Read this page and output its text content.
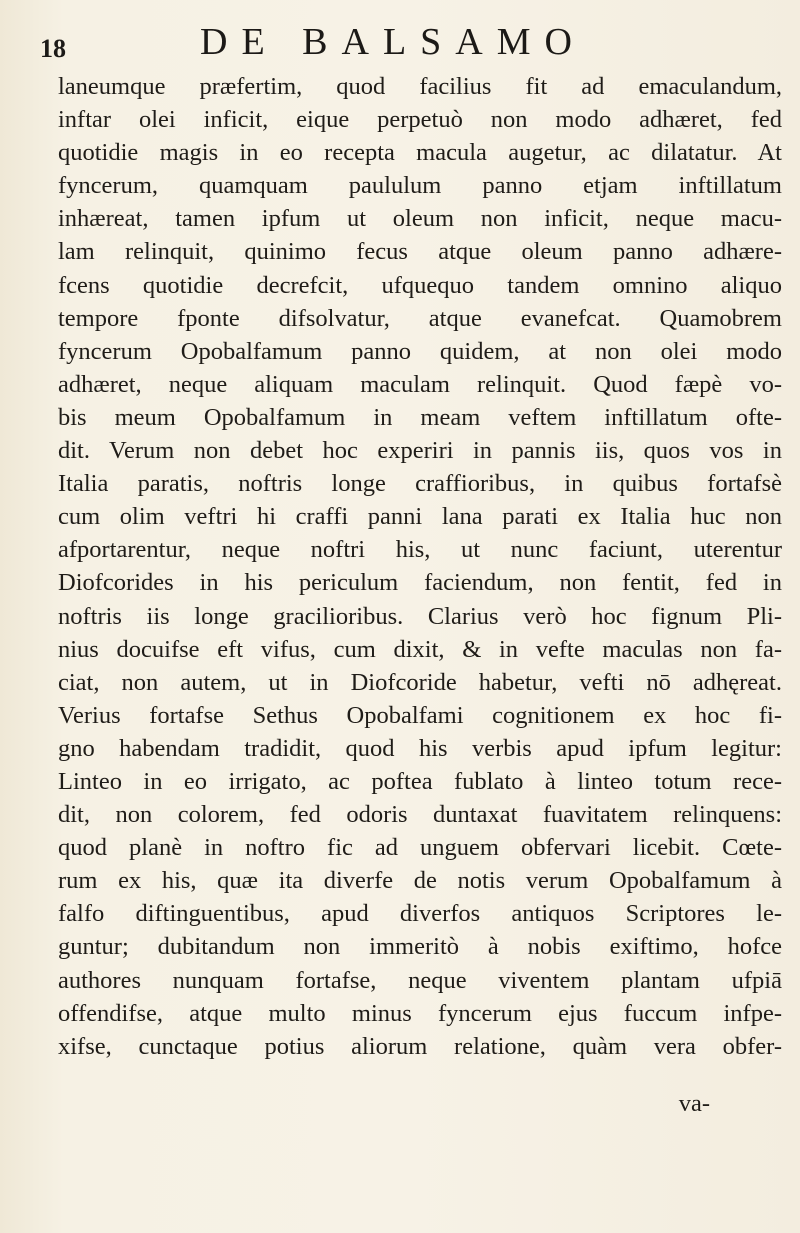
18	DE BALSAMO
laneumque præfertim, quod facilius fit ad emaculandum,
inftar olei inficit, eique perpetuò non modo adhæret, fed
quotidie magis in eo recepta macula augetur, ac dilatatur. At
fyncerum, quamquam paululum panno etjam inftillatum
inhæreat, tamen ipfum ut oleum non inficit, neque macu-
lam relinquit, quinimo fecus atque oleum panno adhære-
fcens quotidie decrefcit, ufquequo tandem omnino aliquo
tempore fponte difsolvatur, atque evanefcat. Quamobrem
fyncerum Opobalfamum panno quidem, at non olei modo
adhæret, neque aliquam maculam relinquit. Quod fæpè vo-
bis meum Opobalfamum in meam veftem inftillatum ofte-
dit. Verum non debet hoc experiri in pannis iis, quos vos in
Italia paratis, noftris longe craffioribus, in quibus fortafsè
cum olim veftri hi craffi panni lana parati ex Italia huc non
afportarentur, neque noftri his, ut nunc faciunt, uterentur
Diofcorides in his periculum faciendum, non fentit, fed in
noftris iis longe gracilioribus. Clarius verò hoc fignum Pli-
nius docuifse eft vifus, cum dixit, & in vefte maculas non fa-
ciat, non autem, ut in Diofcoride habetur, vefti nō adhęreat.
Verius fortafse Sethus Opobalfami cognitionem ex hoc fi-
gno habendam tradidit, quod his verbis apud ipfum legitur:
Linteo in eo irrigato, ac poftea fublato à linteo totum rece-
dit, non colorem, fed odoris duntaxat fuavitatem relinquens:
quod planè in noftro fic ad unguem obfervari licebit. Cœte-
rum ex his, quæ ita diverfe de notis verum Opobalfamum à
falfo diftinguentibus, apud diverfos antiquos Scriptores le-
guntur; dubitandum non immeritò à nobis exiftimo, hofce
authores nunquam fortafse, neque viventem plantam ufpiā
offendifse, atque multo minus fyncerum ejus fuccum infpe-
xifse, cunctaque potius aliorum relatione, quàm vera obfer-
va-
